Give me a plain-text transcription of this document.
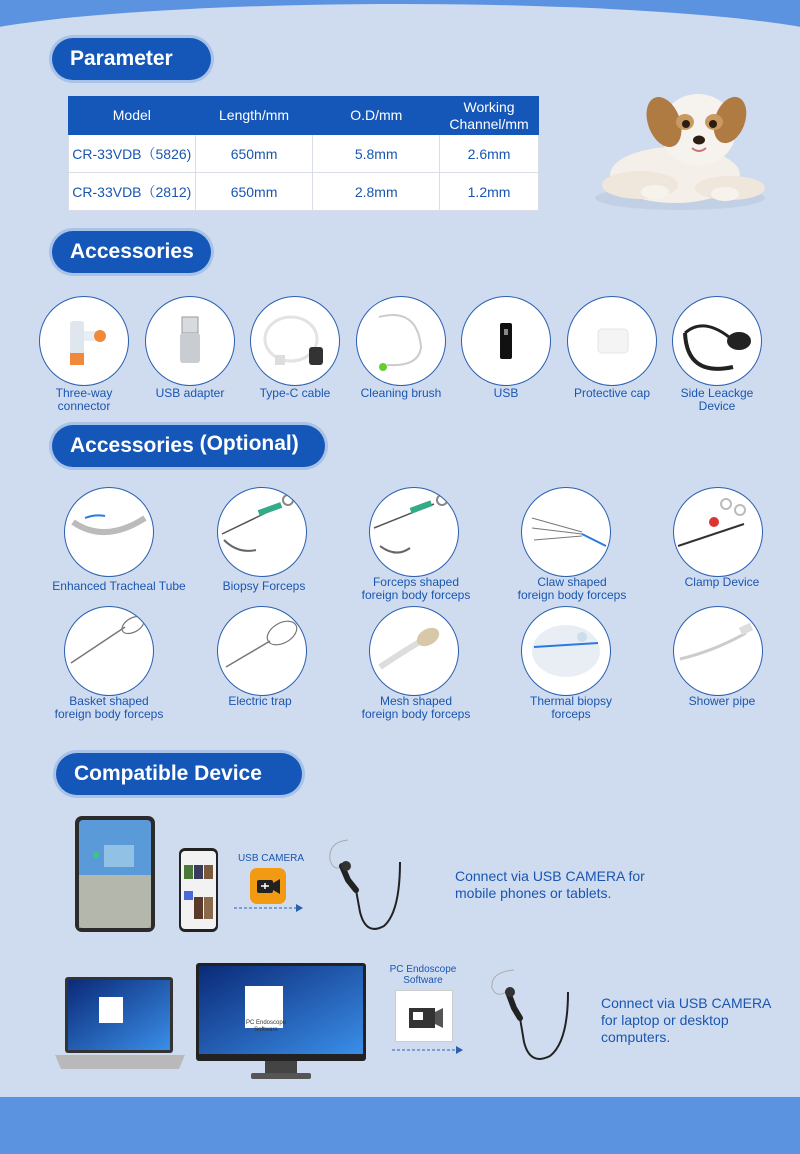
Parameter
Model	Length/mm	O.D/mm	Working Channel/mm
CR-33VDB（5826)	650mm	5.8mm	2.6mm
CR-33VDB（2812)	650mm	2.8mm	1.2mm
Accessories
Three-way
connector
USB adapter	Type-C cable	Cleaning brush	USB	Protective cap	Side Leackge
Device
Accessories (Optional)
Enhanced Tracheal Tube	Biopsy Forceps	Forceps shaped
foreign body forceps
Claw shaped
foreign body forceps
Clamp Device
Basket shaped
foreign body forceps
Electric trap	Mesh shaped
foreign body forceps
Thermal biopsy
forceps
Shower pipe
Compatible Device
USB CAMERA
Connect via USB CAMERA for
mobile phones or tablets.
PC Endoscope
Software
PC Endoscope
Software
Connect via USB CAMERA
for laptop or desktop
computers.
